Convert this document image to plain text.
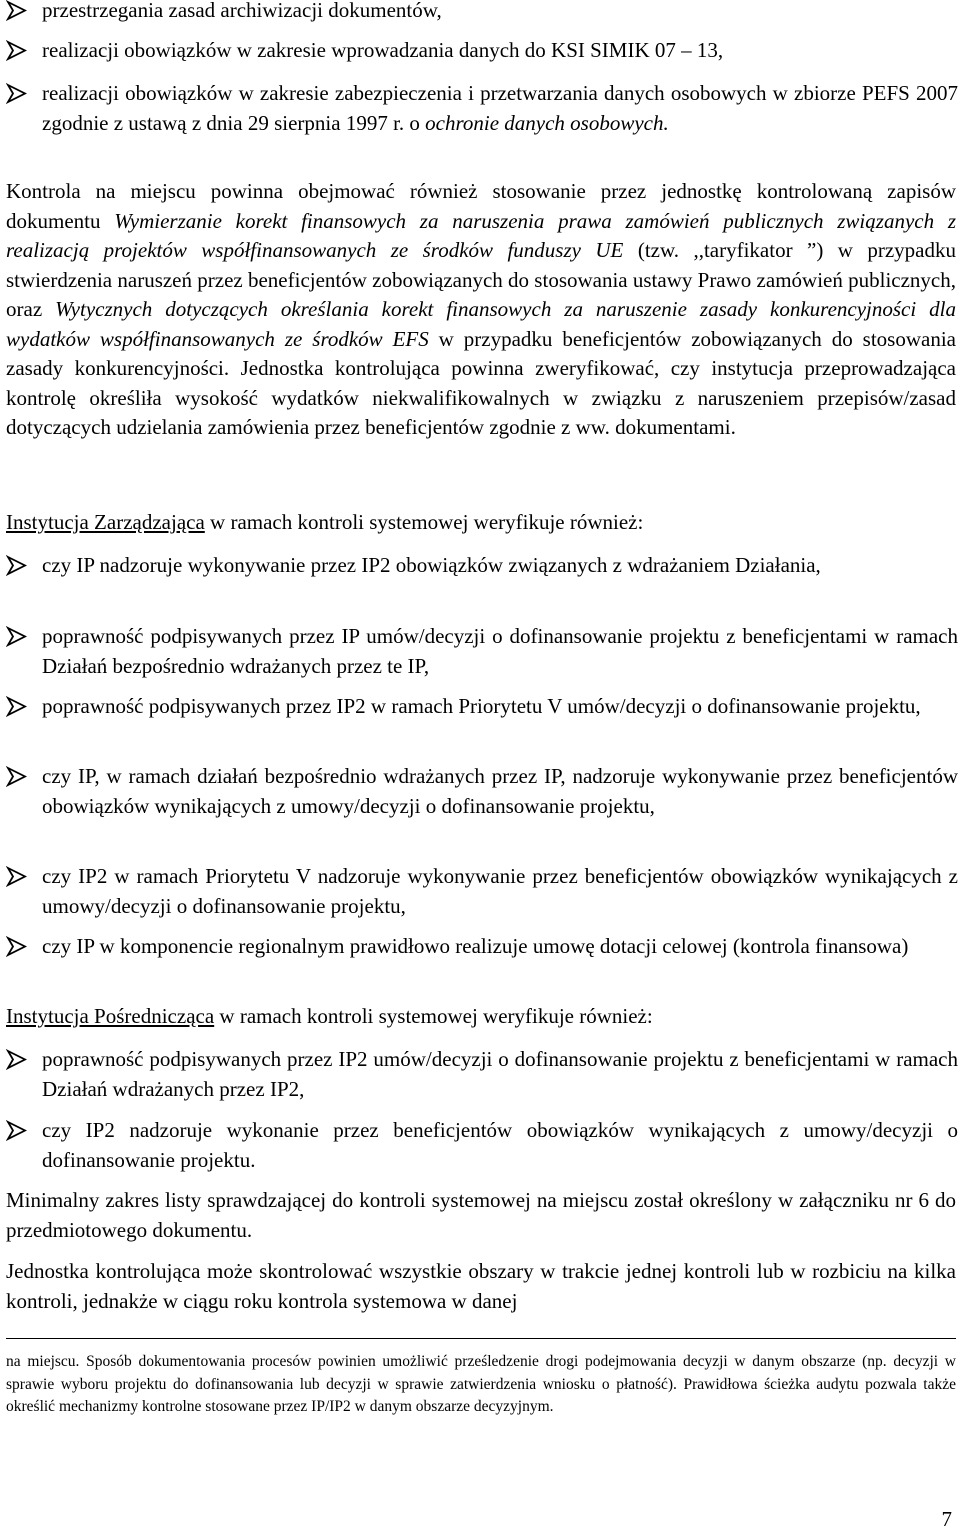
przestrzegania zasad archiwizacji dokumentów,
realizacji obowiązków w zakresie wprowadzania danych do KSI SIMIK 07 – 13,
realizacji obowiązków w zakresie zabezpieczenia i przetwarzania danych osobowych w zbiorze PEFS 2007 zgodnie z ustawą z dnia 29 sierpnia 1997 r. o ochronie danych osobowych.
Kontrola na miejscu powinna obejmować również stosowanie przez jednostkę kontrolowaną zapisów dokumentu Wymierzanie korekt finansowych za naruszenia prawa zamówień publicznych związanych z realizacją projektów współfinansowanych ze środków funduszy UE (tzw. ,,taryfikator ”) w przypadku stwierdzenia naruszeń przez beneficjentów zobowiązanych do stosowania ustawy Prawo zamówień publicznych, oraz Wytycznych dotyczących określania korekt finansowych za naruszenie zasady konkurencyjności dla wydatków współfinansowanych ze środków EFS w przypadku beneficjentów zobowiązanych do stosowania zasady konkurencyjności. Jednostka kontrolująca powinna zweryfikować, czy instytucja przeprowadzająca kontrolę określiła wysokość wydatków niekwalifikowalnych w związku z naruszeniem przepisów/zasad dotyczących udzielania zamówienia przez beneficjentów zgodnie z ww. dokumentami.
Instytucja Zarządzająca w ramach kontroli systemowej weryfikuje również:
czy IP nadzoruje wykonywanie przez IP2 obowiązków związanych z wdrażaniem Działania,
poprawność podpisywanych przez IP umów/decyzji o dofinansowanie projektu z beneficjentami w ramach Działań bezpośrednio wdrażanych przez te IP,
poprawność podpisywanych przez IP2 w ramach Priorytetu V umów/decyzji o dofinansowanie projektu,
czy IP, w ramach działań bezpośrednio wdrażanych przez IP, nadzoruje wykonywanie przez beneficjentów obowiązków wynikających z umowy/decyzji o dofinansowanie projektu,
czy IP2 w ramach Priorytetu V nadzoruje wykonywanie przez beneficjentów obowiązków wynikających z umowy/decyzji o dofinansowanie projektu,
czy IP w komponencie regionalnym prawidłowo realizuje umowę dotacji celowej (kontrola finansowa)
Instytucja Pośrednicząca w ramach kontroli systemowej weryfikuje również:
poprawność podpisywanych przez IP2 umów/decyzji o dofinansowanie projektu z beneficjentami w ramach Działań wdrażanych przez IP2,
czy IP2 nadzoruje wykonanie przez beneficjentów obowiązków wynikających z umowy/decyzji o dofinansowanie projektu.
Minimalny zakres listy sprawdzającej do kontroli systemowej na miejscu został określony w załączniku nr 6 do przedmiotowego dokumentu.
Jednostka kontrolująca może skontrolować wszystkie obszary w trakcie jednej kontroli lub w rozbiciu na kilka kontroli, jednakże w ciągu roku kontrola systemowa w danej
na miejscu. Sposób dokumentowania procesów powinien umożliwić prześledzenie drogi podejmowania decyzji w danym obszarze (np. decyzji w sprawie wyboru projektu do dofinansowania lub decyzji w sprawie zatwierdzenia wniosku o płatność). Prawidłowa ścieżka audytu pozwala także określić mechanizmy kontrolne stosowane przez IP/IP2 w danym obszarze decyzyjnym.
7
